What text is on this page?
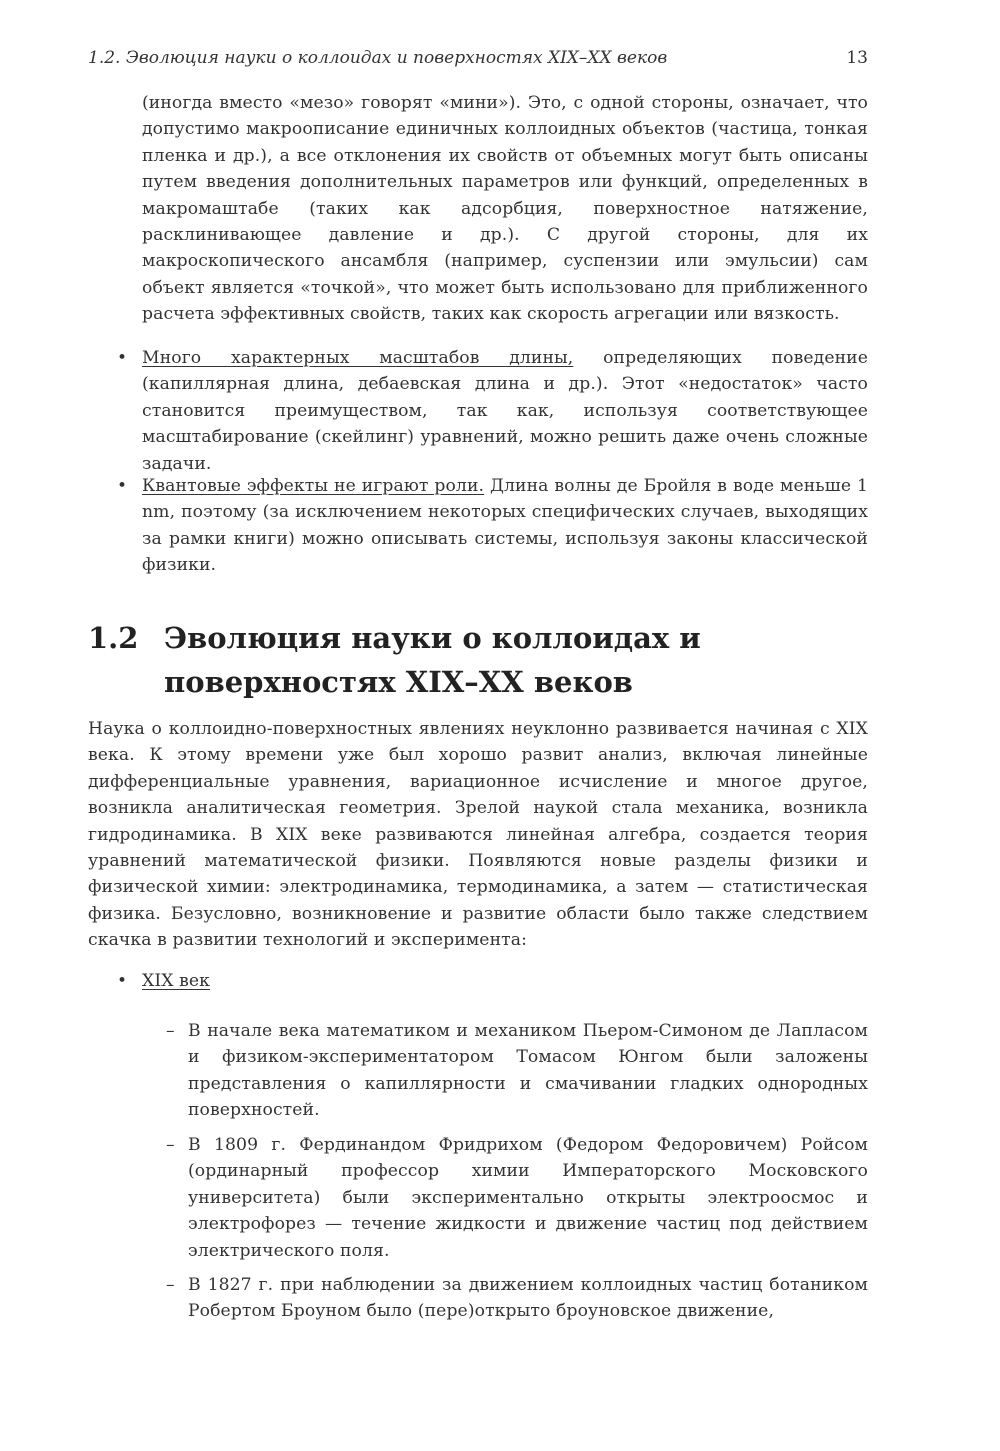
1.2. Эволюция науки о коллоидах и поверхностях XIX–XX веков	13

(иногда вместо «мезо» говорят «мини»). Это, с одной стороны, означает, что допустимо макроописание единичных коллоидных объектов (частица, тонкая пленка и др.), а все отклонения их свойств от объемных могут быть описаны путем введения дополнительных параметров или функций, определенных в макромаштабе (таких как адсорбция, поверхностное натяжение, расклинивающее давление и др.). С другой стороны, для их макроскопического ансамбля (например, суспензии или эмульсии) сам объект является «точкой», что может быть использовано для приближенного расчета эффективных свойств, таких как скорость агрегации или вязкость.

• Много характерных масштабов длины, определяющих поведение (капиллярная длина, дебаевская длина и др.). Этот «недостаток» часто становится преимуществом, так как, используя соответствующее масштабирование (скейлинг) уравнений, можно решить даже очень сложные задачи.

• Квантовые эффекты не играют роли. Длина волны де Бройля в воде меньше 1 nm, поэтому (за исключением некоторых специфических случаев, выходящих за рамки книги) можно описывать системы, используя законы классической физики.

1.2 Эволюция науки о коллоидах и поверхностях XIX–XX веков

Наука о коллоидно-поверхностных явлениях неуклонно развивается начиная с XIX века. К этому времени уже был хорошо развит анализ, включая линейные дифференциальные уравнения, вариационное исчисление и многое другое, возникла аналитическая геометрия. Зрелой наукой стала механика, возникла гидродинамика. В XIX веке развиваются линейная алгебра, создается теория уравнений математической физики. Появляются новые разделы физики и физической химии: электродинамика, термодинамика, а затем — статистическая физика. Безусловно, возникновение и развитие области было также следствием скачка в развитии технологий и эксперимента:

• XIX век

– В начале века математиком и механиком Пьером-Симоном де Лапласом и физиком-экспериментатором Томасом Юнгом были заложены представления о капиллярности и смачивании гладких однородных поверхностей.

– В 1809 г. Фердинандом Фридрихом (Федором Федоровичем) Ройсом (ординарный профессор химии Императорского Московского университета) были экспериментально открыты электроосмос и электрофорез — течение жидкости и движение частиц под действием электрического поля.

– В 1827 г. при наблюдении за движением коллоидных частиц ботаником Робертом Броуном было (пере)открыто броуновское движение,
